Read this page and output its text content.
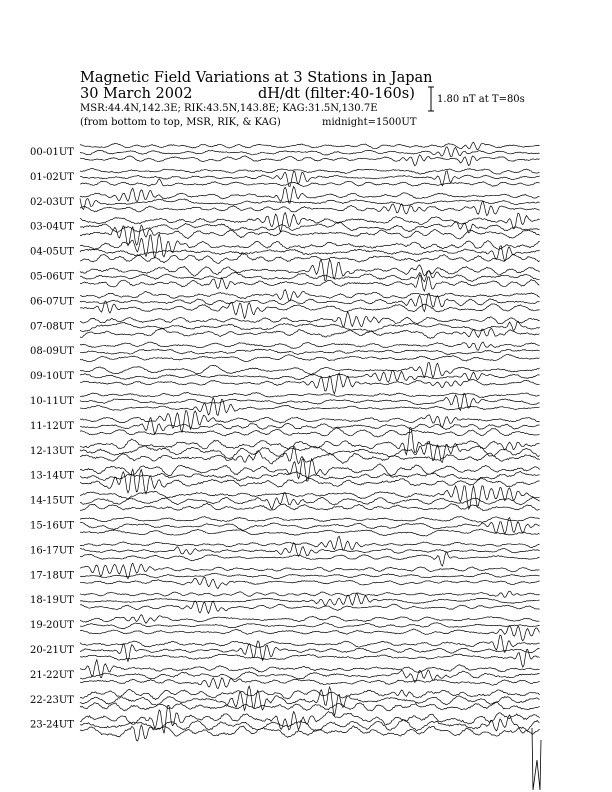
Magnetic Field Variations at 3 Stations in Japan
30 March 2002	dH/dt (filter:40-160s)
MSR:44.4N,142.3E; RIK:43.5N,143.8E; KAG:31.5N,130.7E
(from bottom to top, MSR, RIK, & KAG)	midnight=1500UT
1.80 nT at T=80s
00-01UT
01-02UT
02-03UT
03-04UT
04-05UT
05-06UT
06-07UT
07-08UT
08-09UT
09-10UT
10-11UT
11-12UT
12-13UT
13-14UT
14-15UT
15-16UT
16-17UT
17-18UT
18-19UT
19-20UT
20-21UT
21-22UT
22-23UT
23-24UT
